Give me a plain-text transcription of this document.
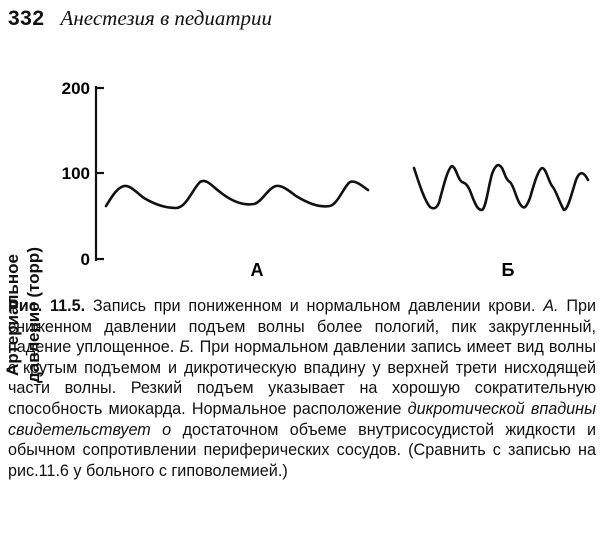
332 Анестезия в педиатрии
Артериальное давление (торр)
200
100
0
А	Б
Рис. 11.5. Запись при пониженном и нормальном давлении крови. А. При сниженном давлении подъем волны более пологий, пик закругленный, падение уплощенное. Б. При нормальном давлении запись имеет вид волны с крутым подъемом и дикротическую впадину у верхней трети нисходящей части волны. Резкий подъем указывает на хорошую сократительную способность миокарда. Нормальное расположение дикротической впадины свидетельствует о достаточном объеме внутрисосудистой жидкости и обычном сопротивлении периферических сосудов. (Сравнить с записью на рис.11.6 у больного с гиповолемией.)
